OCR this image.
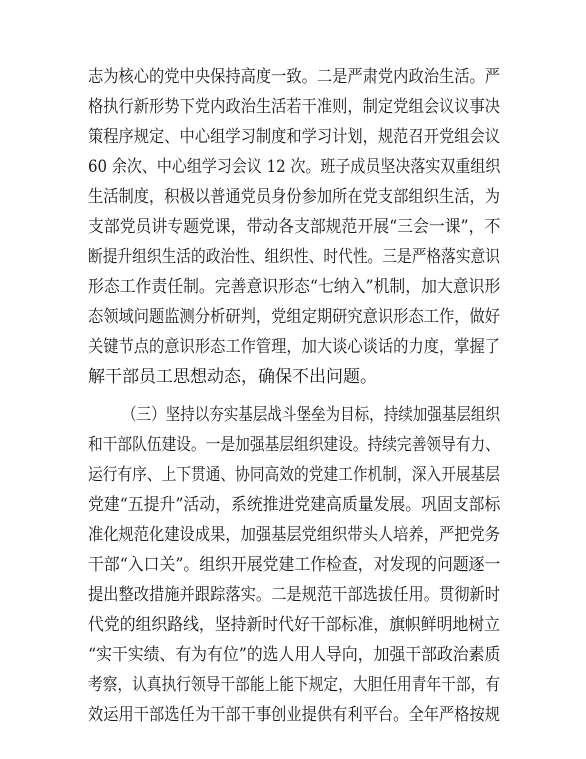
志为核心的党中央保持高度一致。二是严肃党内政治生活。严
格执行新形势下党内政治生活若干准则，制定党组会议议事决
策程序规定、中心组学习制度和学习计划，规范召开党组会议
60 余次、中心组学习会议 12 次。班子成员坚决落实双重组织
生活制度，积极以普通党员身份参加所在党支部组织生活，为
支部党员讲专题党课，带动各支部规范开展“三会一课”，不
断提升组织生活的政治性、组织性、时代性。三是严格落实意识
形态工作责任制。完善意识形态“七纳入”机制，加大意识形
态领域问题监测分析研判，党组定期研究意识形态工作，做好
关键节点的意识形态工作管理，加大谈心谈话的力度，掌握了
解干部员工思想动态，确保不出问题。
（三）坚持以夯实基层战斗堡垒为目标，持续加强基层组织
和干部队伍建设。一是加强基层组织建设。持续完善领导有力、
运行有序、上下贯通、协同高效的党建工作机制，深入开展基层
党建“五提升”活动，系统推进党建高质量发展。巩固支部标
准化规范化建设成果，加强基层党组织带头人培养，严把党务
干部“入口关”。组织开展党建工作检查，对发现的问题逐一
提出整改措施并跟踪落实。二是规范干部选拔任用。贯彻新时
代党的组织路线，坚持新时代好干部标准，旗帜鲜明地树立
“实干实绩、有为有位”的选人用人导向，加强干部政治素质
考察，认真执行领导干部能上能下规定，大胆任用青年干部，有
效运用干部选任为干部干事创业提供有利平台。全年严格按规
